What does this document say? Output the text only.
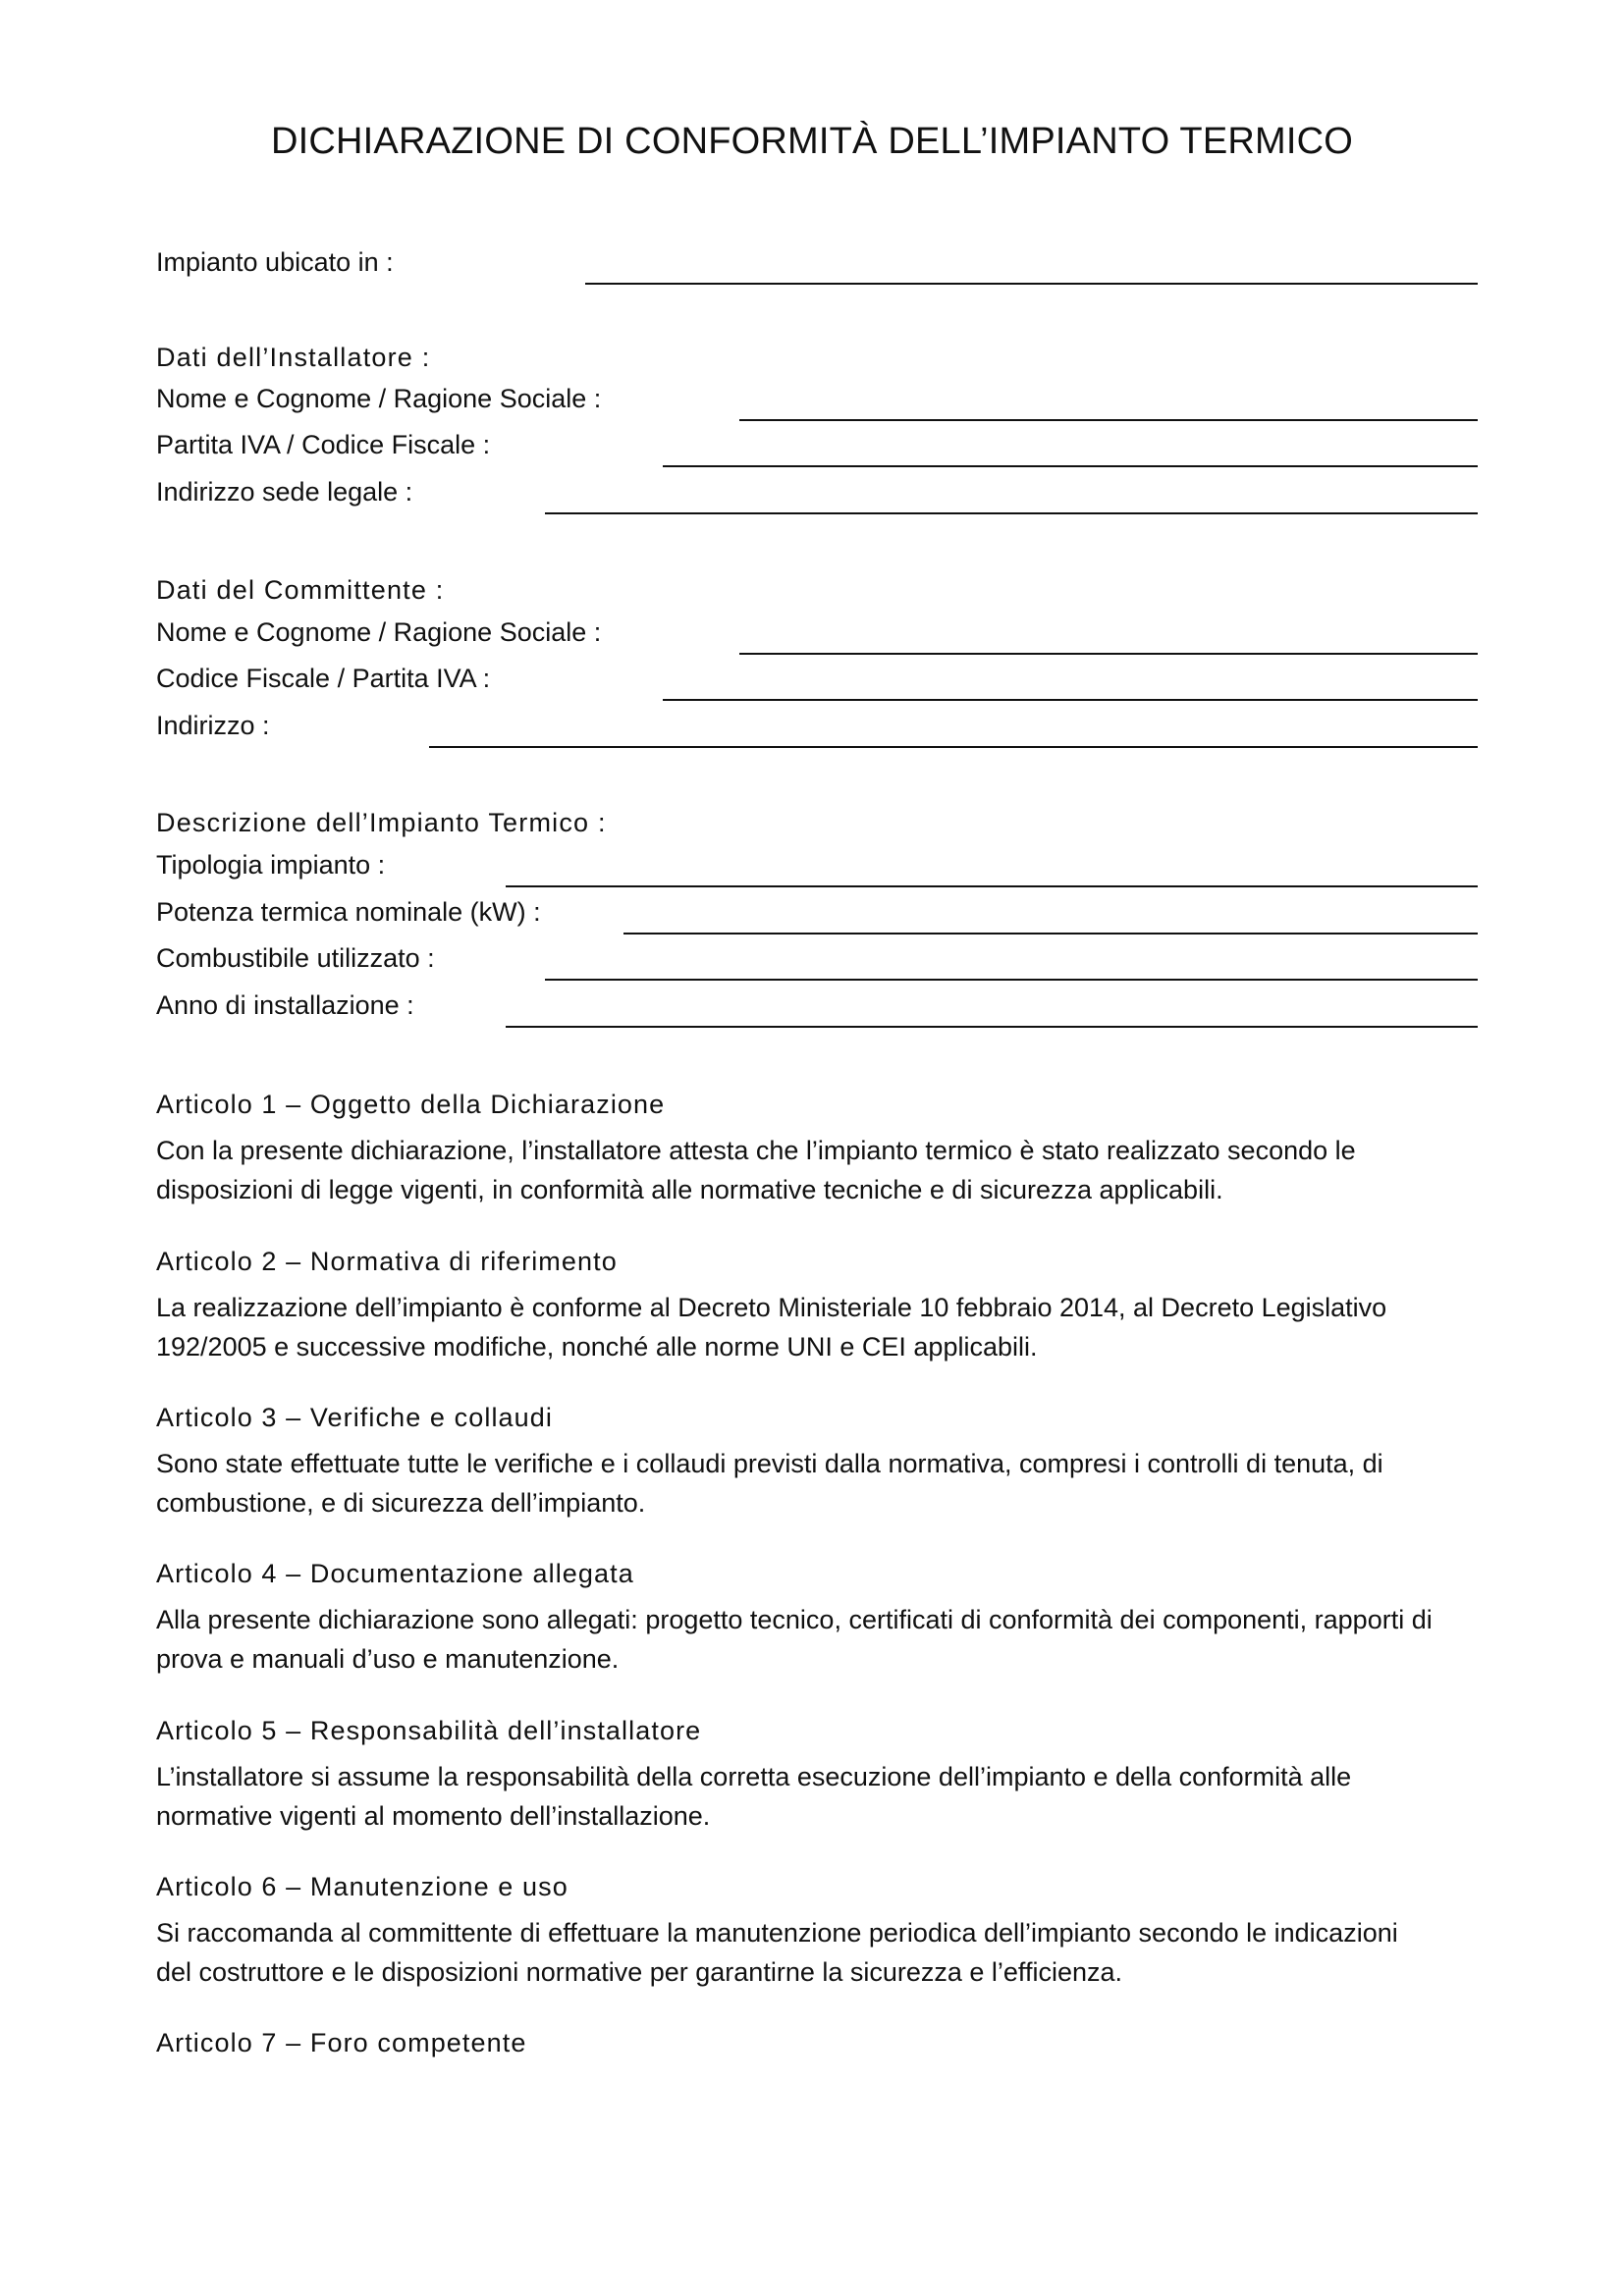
DICHIARAZIONE DI CONFORMITÀ DELL’IMPIANTO TERMICO
Impianto ubicato in :
Dati dell’Installatore :
Nome e Cognome / Ragione Sociale :
Partita IVA / Codice Fiscale :
Indirizzo sede legale :
Dati del Committente :
Nome e Cognome / Ragione Sociale :
Codice Fiscale / Partita IVA :
Indirizzo :
Descrizione dell’Impianto Termico :
Tipologia impianto :
Potenza termica nominale (kW) :
Combustibile utilizzato :
Anno di installazione :
Articolo 1 – Oggetto della Dichiarazione
Con la presente dichiarazione, l’installatore attesta che l’impianto termico è stato realizzato secondo le
disposizioni di legge vigenti, in conformità alle normative tecniche e di sicurezza applicabili.
Articolo 2 – Normativa di riferimento
La realizzazione dell’impianto è conforme al Decreto Ministeriale 10 febbraio 2014, al Decreto Legislativo
192/2005 e successive modifiche, nonché alle norme UNI e CEI applicabili.
Articolo 3 – Verifiche e collaudi
Sono state effettuate tutte le verifiche e i collaudi previsti dalla normativa, compresi i controlli di tenuta, di
combustione, e di sicurezza dell’impianto.
Articolo 4 – Documentazione allegata
Alla presente dichiarazione sono allegati: progetto tecnico, certificati di conformità dei componenti, rapporti di
prova e manuali d’uso e manutenzione.
Articolo 5 – Responsabilità dell’installatore
L’installatore si assume la responsabilità della corretta esecuzione dell’impianto e della conformità alle
normative vigenti al momento dell’installazione.
Articolo 6 – Manutenzione e uso
Si raccomanda al committente di effettuare la manutenzione periodica dell’impianto secondo le indicazioni
del costruttore e le disposizioni normative per garantirne la sicurezza e l’efficienza.
Articolo 7 – Foro competente
